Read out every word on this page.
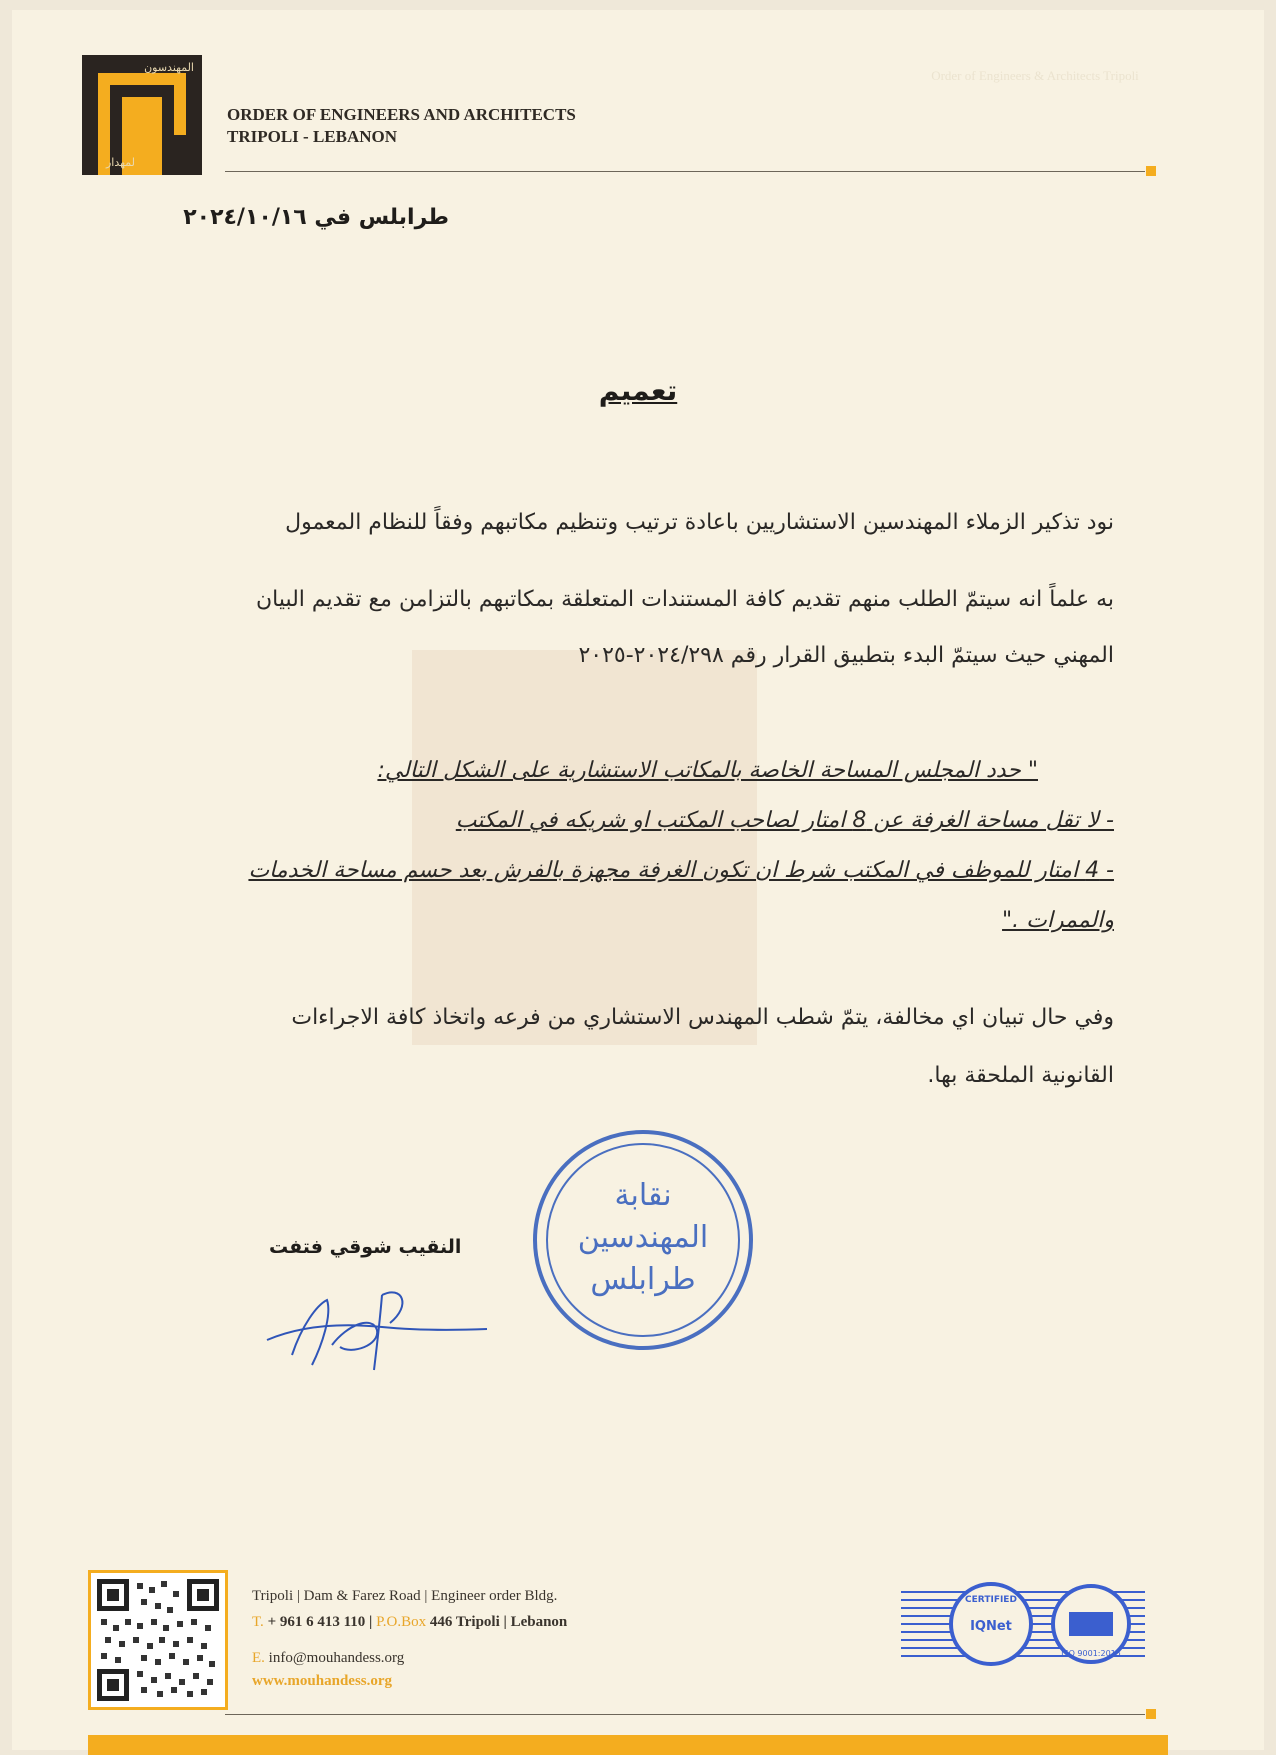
المهندسون
لمهدار
ORDER OF ENGINEERS AND ARCHITECTS
TRIPOLI - LEBANON
Order of Engineers & Architects Tripoli
طرابلس في ٢٠٢٤/١٠/١٦
تعميم
نود تذكير الزملاء المهندسين الاستشاريين باعادة ترتيب وتنظيم مكاتبهم وفقاً للنظام المعمول
به علماً انه سيتمّ الطلب منهم تقديم كافة المستندات المتعلقة بمكاتبهم بالتزامن مع تقديم البيان
المهني حيث سيتمّ البدء بتطبيق القرار رقم ٢٠٢٤/٢٩٨-٢٠٢٥
" حدد المجلس المساحة الخاصة بالمكاتب الاستشارية على الشكل التالي:
- لا تقل مساحة الغرفة عن 8 امتار لصاحب المكتب او شريكه في المكتب
- 4 امتار للموظف في المكتب شرط ان تكون الغرفة مجهزة بالفرش بعد حسم مساحة الخدمات
والممرات ."
وفي حال تبيان اي مخالفة، يتمّ شطب المهندس الاستشاري من فرعه واتخاذ كافة الاجراءات
القانونية الملحقة بها.
نقابة
المهندسين
طرابلس
النقيب شوقي فتفت
Tripoli | Dam & Farez Road | Engineer order Bldg.
T. + 961 6 413 110 | P.O.Box 446 Tripoli | Lebanon
E. info@mouhandess.org
www.mouhandess.org
CERTIFIED
IQNet
ISO 9001:2015
